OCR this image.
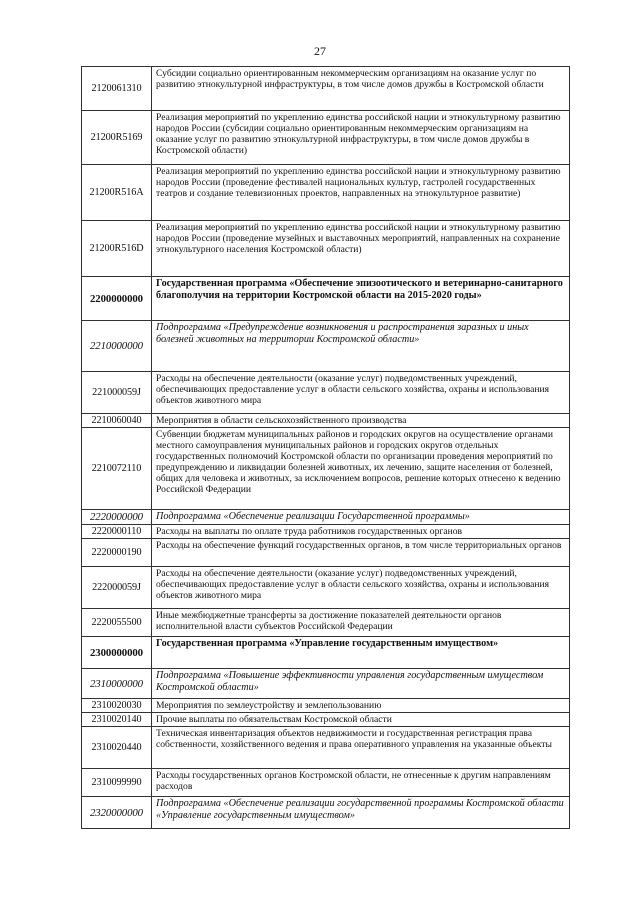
27
2120061310	Субсидии социально ориентированным некоммерческим организациям на оказание услуг по развитию этнокультурной инфраструктуры, в том числе домов дружбы в Костромской области
21200R5169	Реализация мероприятий по укреплению единства российской нации и этнокультурному развитию народов России (субсидии социально ориентированным некоммерческим организациям на оказание услуг по развитию этнокультурной инфраструктуры, в том числе домов дружбы в Костромской области)
21200R516A	Реализация мероприятий по укреплению единства российской нации и этнокультурному развитию народов России (проведение фестивалей национальных культур, гастролей государственных театров и создание телевизионных проектов, направленных на этнокультурное развитие)
21200R516D	Реализация мероприятий по укреплению единства российской нации и этнокультурному развитию народов России (проведение музейных и выставочных мероприятий, направленных на сохранение этнокультурного населения Костромской области)
2200000000	Государственная программа «Обеспечение эпизоотического и ветеринарно-санитарного благополучия на территории Костромской области на 2015-2020 годы»
2210000000	Подпрограмма «Предупреждение возникновения и распространения заразных и иных болезней животных на территории Костромской области»
221000059J	Расходы на обеспечение деятельности (оказание услуг) подведомственных учреждений, обеспечивающих предоставление услуг в области сельского хозяйства, охраны и использования объектов животного мира
2210060040	Мероприятия в области сельскохозяйственного производства
2210072110	Субвенции бюджетам муниципальных районов и городских округов на осуществление органами местного самоуправления муниципальных районов и городских округов отдельных государственных полномочий Костромской области по организации проведения мероприятий по предупреждению и ликвидации болезней животных, их лечению, защите населения от болезней, общих для человека и животных, за исключением вопросов, решение которых отнесено к ведению Российской Федерации
2220000000	Подпрограмма «Обеспечение реализации Государственной программы»
2220000110	Расходы на выплаты по оплате труда работников государственных органов
2220000190	Расходы на обеспечение функций государственных органов, в том числе территориальных органов
222000059J	Расходы на обеспечение деятельности (оказание услуг) подведомственных учреждений, обеспечивающих предоставление услуг в области сельского хозяйства, охраны и использования объектов животного мира
2220055500	Иные межбюджетные трансферты за достижение показателей деятельности органов исполнительной власти субъектов Российской Федерации
2300000000	Государственная программа «Управление государственным имуществом»
2310000000	Подпрограмма «Повышение эффективности управления государственным имуществом Костромской области»
2310020030	Мероприятия по землеустройству и землепользованию
2310020140	Прочие выплаты по обязательствам Костромской области
2310020440	Техническая инвентаризация объектов недвижимости и государственная регистрация права собственности, хозяйственного ведения и права оперативного управления на указанные объекты
2310099990	Расходы государственных органов Костромской области, не отнесенные к другим направлениям расходов
2320000000	Подпрограмма «Обеспечение реализации государственной программы Костромской области «Управление государственным имуществом»
